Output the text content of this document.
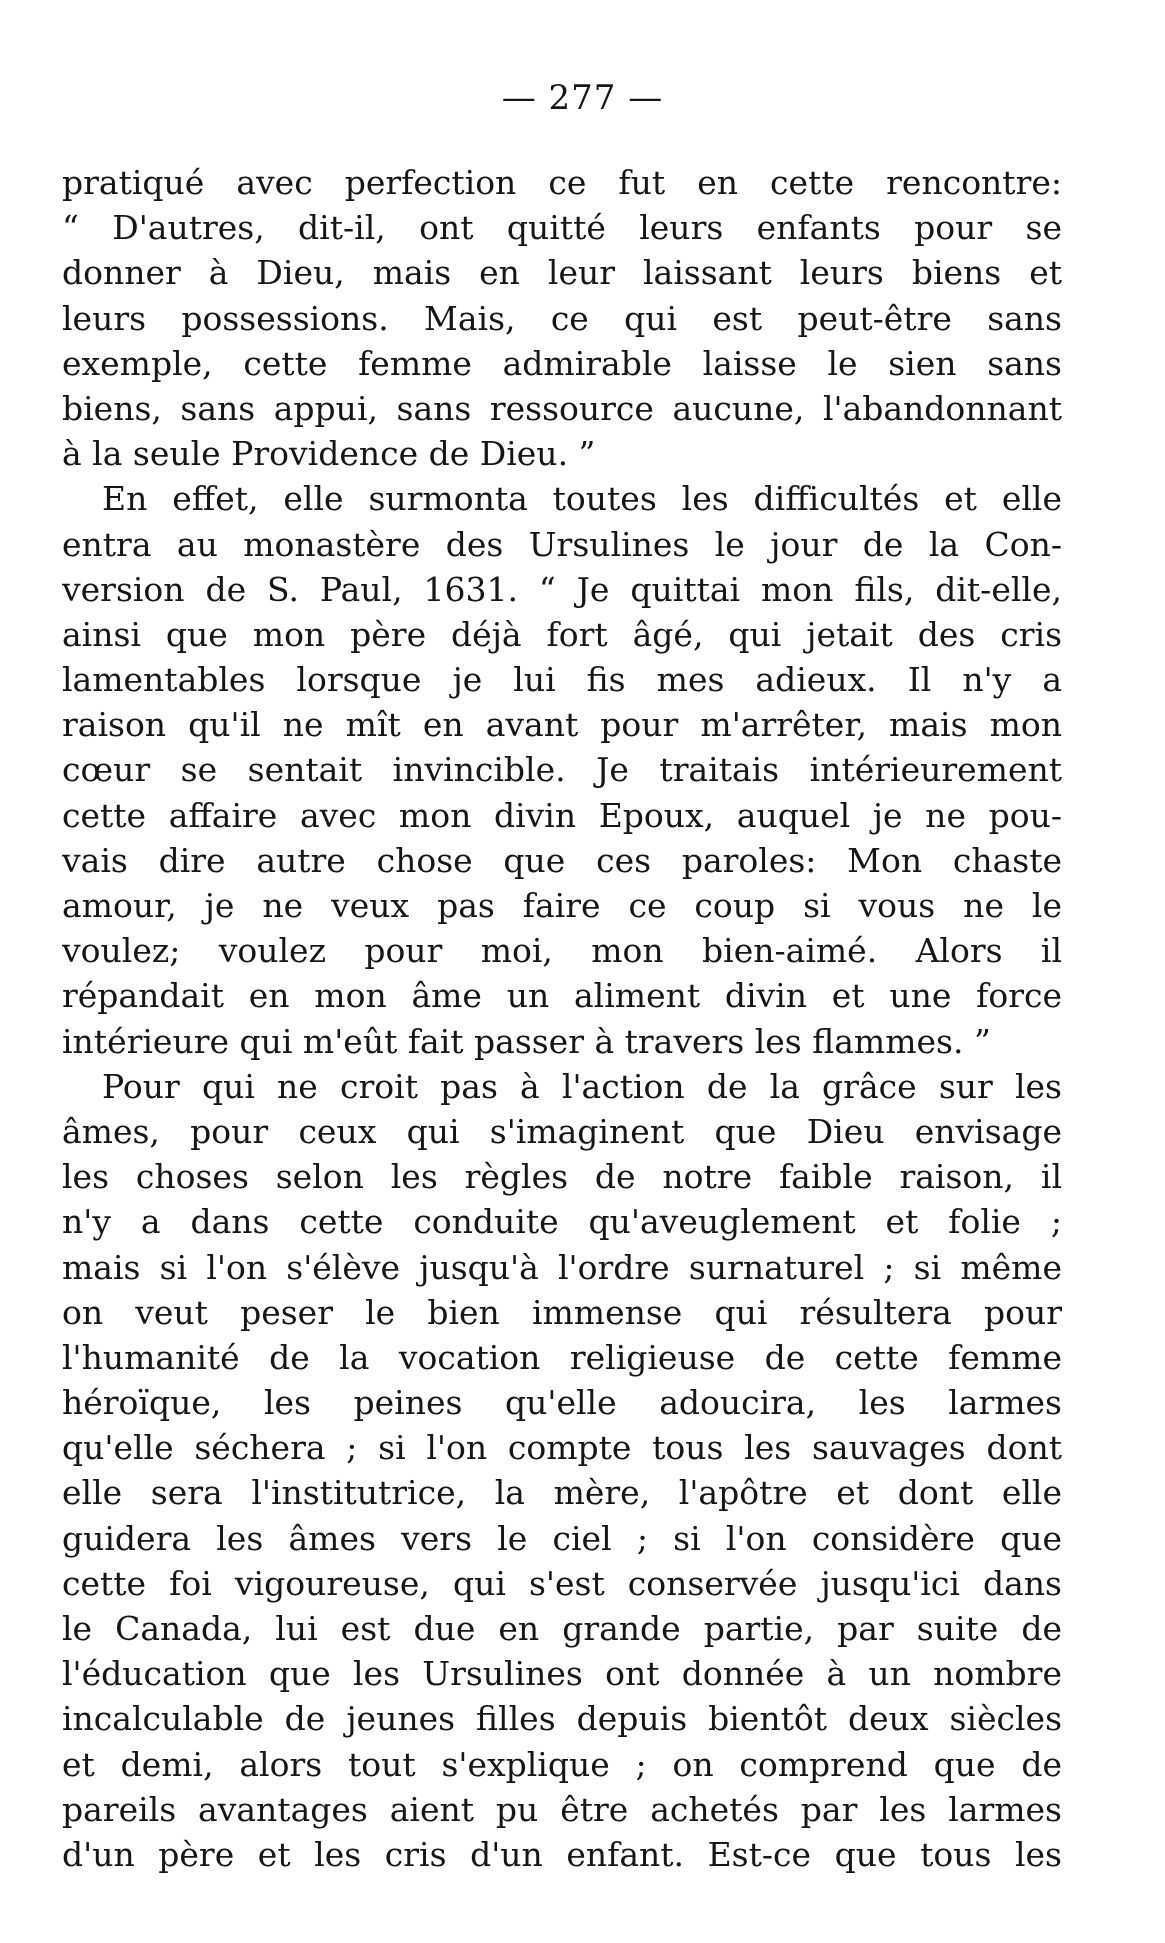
— 277 —
pratiqué avec perfection ce fut en cette rencontre:
“ D'autres, dit-il, ont quitté leurs enfants pour se
donner à Dieu, mais en leur laissant leurs biens et
leurs possessions. Mais, ce qui est peut-être sans
exemple, cette femme admirable laisse le sien sans
biens, sans appui, sans ressource aucune, l'abandonnant
à la seule Providence de Dieu. ”
En effet, elle surmonta toutes les difficultés et elle
entra au monastère des Ursulines le jour de la Con-
version de S. Paul, 1631. “ Je quittai mon fils, dit-elle,
ainsi que mon père déjà fort âgé, qui jetait des cris
lamentables lorsque je lui fis mes adieux. Il n'y a
raison qu'il ne mît en avant pour m'arrêter, mais mon
cœur se sentait invincible. Je traitais intérieurement
cette affaire avec mon divin Epoux, auquel je ne pou-
vais dire autre chose que ces paroles: Mon chaste
amour, je ne veux pas faire ce coup si vous ne le
voulez; voulez pour moi, mon bien-aimé. Alors il
répandait en mon âme un aliment divin et une force
intérieure qui m'eût fait passer à travers les flammes. ”
Pour qui ne croit pas à l'action de la grâce sur les
âmes, pour ceux qui s'imaginent que Dieu envisage
les choses selon les règles de notre faible raison, il
n'y a dans cette conduite qu'aveuglement et folie ;
mais si l'on s'élève jusqu'à l'ordre surnaturel ; si même
on veut peser le bien immense qui résultera pour
l'humanité de la vocation religieuse de cette femme
héroïque, les peines qu'elle adoucira, les larmes
qu'elle séchera ; si l'on compte tous les sauvages dont
elle sera l'institutrice, la mère, l'apôtre et dont elle
guidera les âmes vers le ciel ; si l'on considère que
cette foi vigoureuse, qui s'est conservée jusqu'ici dans
le Canada, lui est due en grande partie, par suite de
l'éducation que les Ursulines ont donnée à un nombre
incalculable de jeunes filles depuis bientôt deux siècles
et demi, alors tout s'explique ; on comprend que de
pareils avantages aient pu être achetés par les larmes
d'un père et les cris d'un enfant. Est-ce que tous les
